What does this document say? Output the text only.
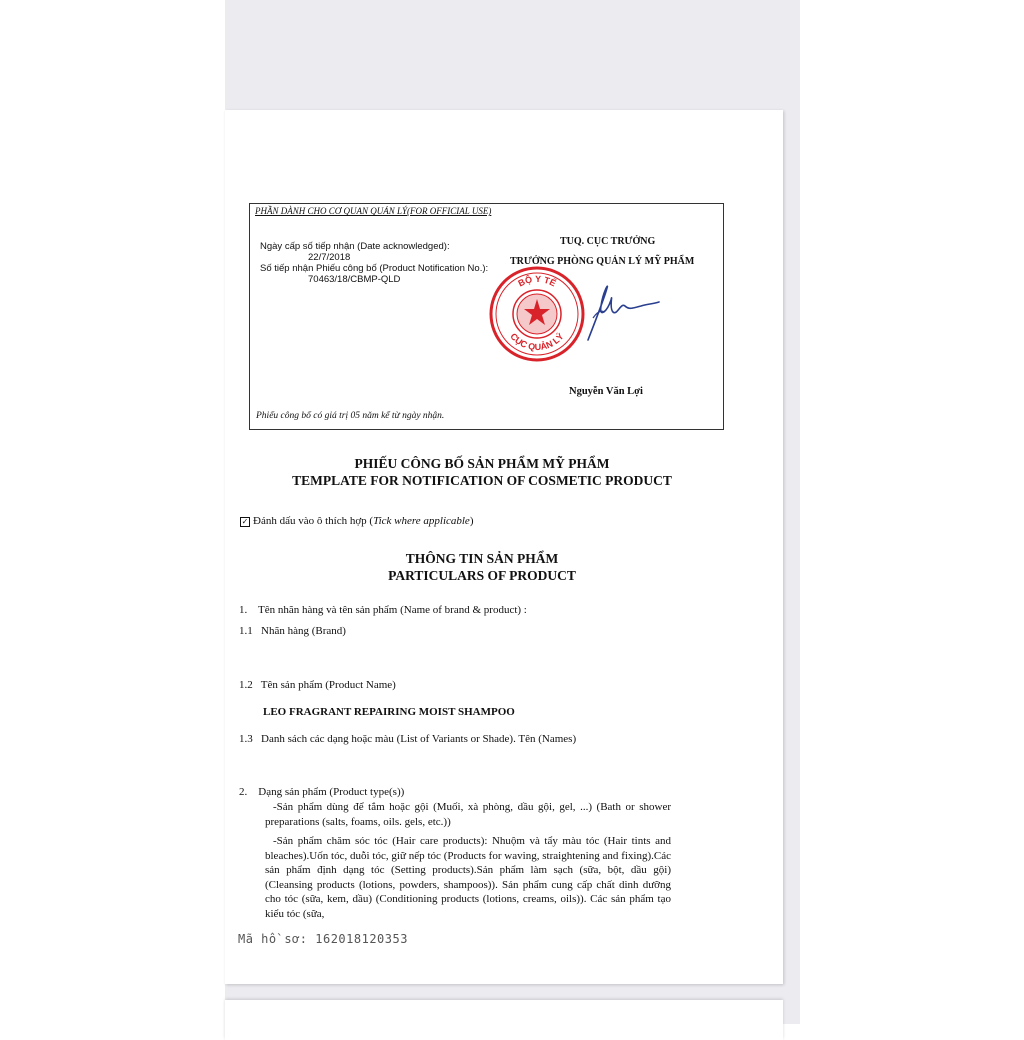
PHẦN DÀNH CHO CƠ QUAN QUẢN LÝ(FOR OFFICIAL USE)
Ngày cấp số tiếp nhận (Date acknowledged):
22/7/2018
Số tiếp nhận Phiếu công bố (Product Notification No.):
70463/18/CBMP-QLD
TUQ. CỤC TRƯỞNG
TRƯỞNG PHÒNG QUẢN LÝ MỸ PHẨM
BỘ Y TẾ
CỤC QUẢN LÝ
Nguyễn Văn Lợi
Phiếu công bố có giá trị 05 năm kể từ ngày nhận.
PHIẾU CÔNG BỐ SẢN PHẨM MỸ PHẨM
TEMPLATE FOR NOTIFICATION OF COSMETIC PRODUCT
✓ Đánh dấu vào ô thích hợp (Tick where applicable)
THÔNG TIN SẢN PHẨM
PARTICULARS OF PRODUCT
1.    Tên nhãn hàng và tên sản phẩm (Name of brand & product) :
1.1   Nhãn hàng (Brand)
1.2   Tên sản phẩm (Product Name)
LEO FRAGRANT REPAIRING MOIST SHAMPOO
1.3   Danh sách các dạng hoặc màu (List of Variants or Shade). Tên (Names)
2.    Dạng sản phẩm (Product type(s))
-Sản phẩm dùng để tắm hoặc gội (Muối, xà phòng, dầu gội, gel, ...) (Bath or shower preparations (salts, foams, oils. gels, etc.))
-Sản phẩm chăm sóc tóc (Hair care products): Nhuộm và tẩy màu tóc (Hair tints and bleaches).Uốn tóc, duỗi tóc, giữ nếp tóc (Products for waving, straightening and fixing).Các sản phẩm định dạng tóc (Setting products).Sản phẩm làm sạch (sữa, bột, dầu gội) (Cleansing products (lotions, powders, shampoos)). Sản phẩm cung cấp chất dinh dưỡng cho tóc (sữa, kem, dầu) (Conditioning products (lotions, creams, oils)). Các sản phẩm tạo kiểu tóc (sữa,
Mã hồ sơ: 162018120353
